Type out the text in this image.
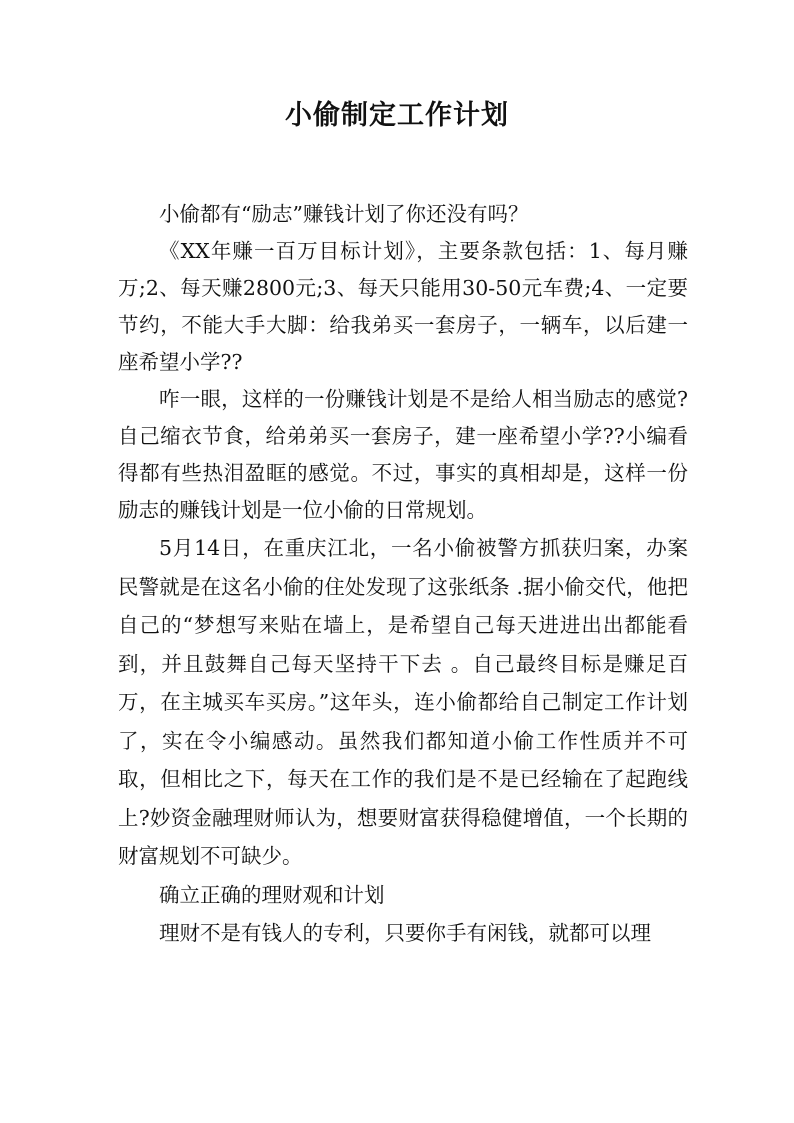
小偷制定工作计划

小偷都有“励志”赚钱计划了你还没有吗？

《XX年赚一百万目标计划》，主要条款包括：1、每月赚万;2、每天赚2800元;3、每天只能用30-50元车费;4、一定要节约，不能大手大脚：给我弟买一套房子，一辆车，以后建一座希望小学??

咋一眼，这样的一份赚钱计划是不是给人相当励志的感觉?自己缩衣节食，给弟弟买一套房子，建一座希望小学??小编看得都有些热泪盈眶的感觉。不过，事实的真相却是，这样一份励志的赚钱计划是一位小偷的日常规划。

5月14日，在重庆江北，一名小偷被警方抓获归案，办案民警就是在这名小偷的住处发现了这张纸条 .据小偷交代，他把自己的“梦想写来贴在墙上，是希望自己每天进进出出都能看到，并且鼓舞自己每天坚持干下去 。自己最终目标是赚足百万，在主城买车买房。”这年头，连小偷都给自己制定工作计划了，实在令小编感动。虽然我们都知道小偷工作性质并不可取，但相比之下，每天在工作的我们是不是已经输在了起跑线上?妙资金融理财师认为，想要财富获得稳健增值，一个长期的财富规划不可缺少。

确立正确的理财观和计划

理财不是有钱人的专利，只要你手有闲钱，就都可以理
